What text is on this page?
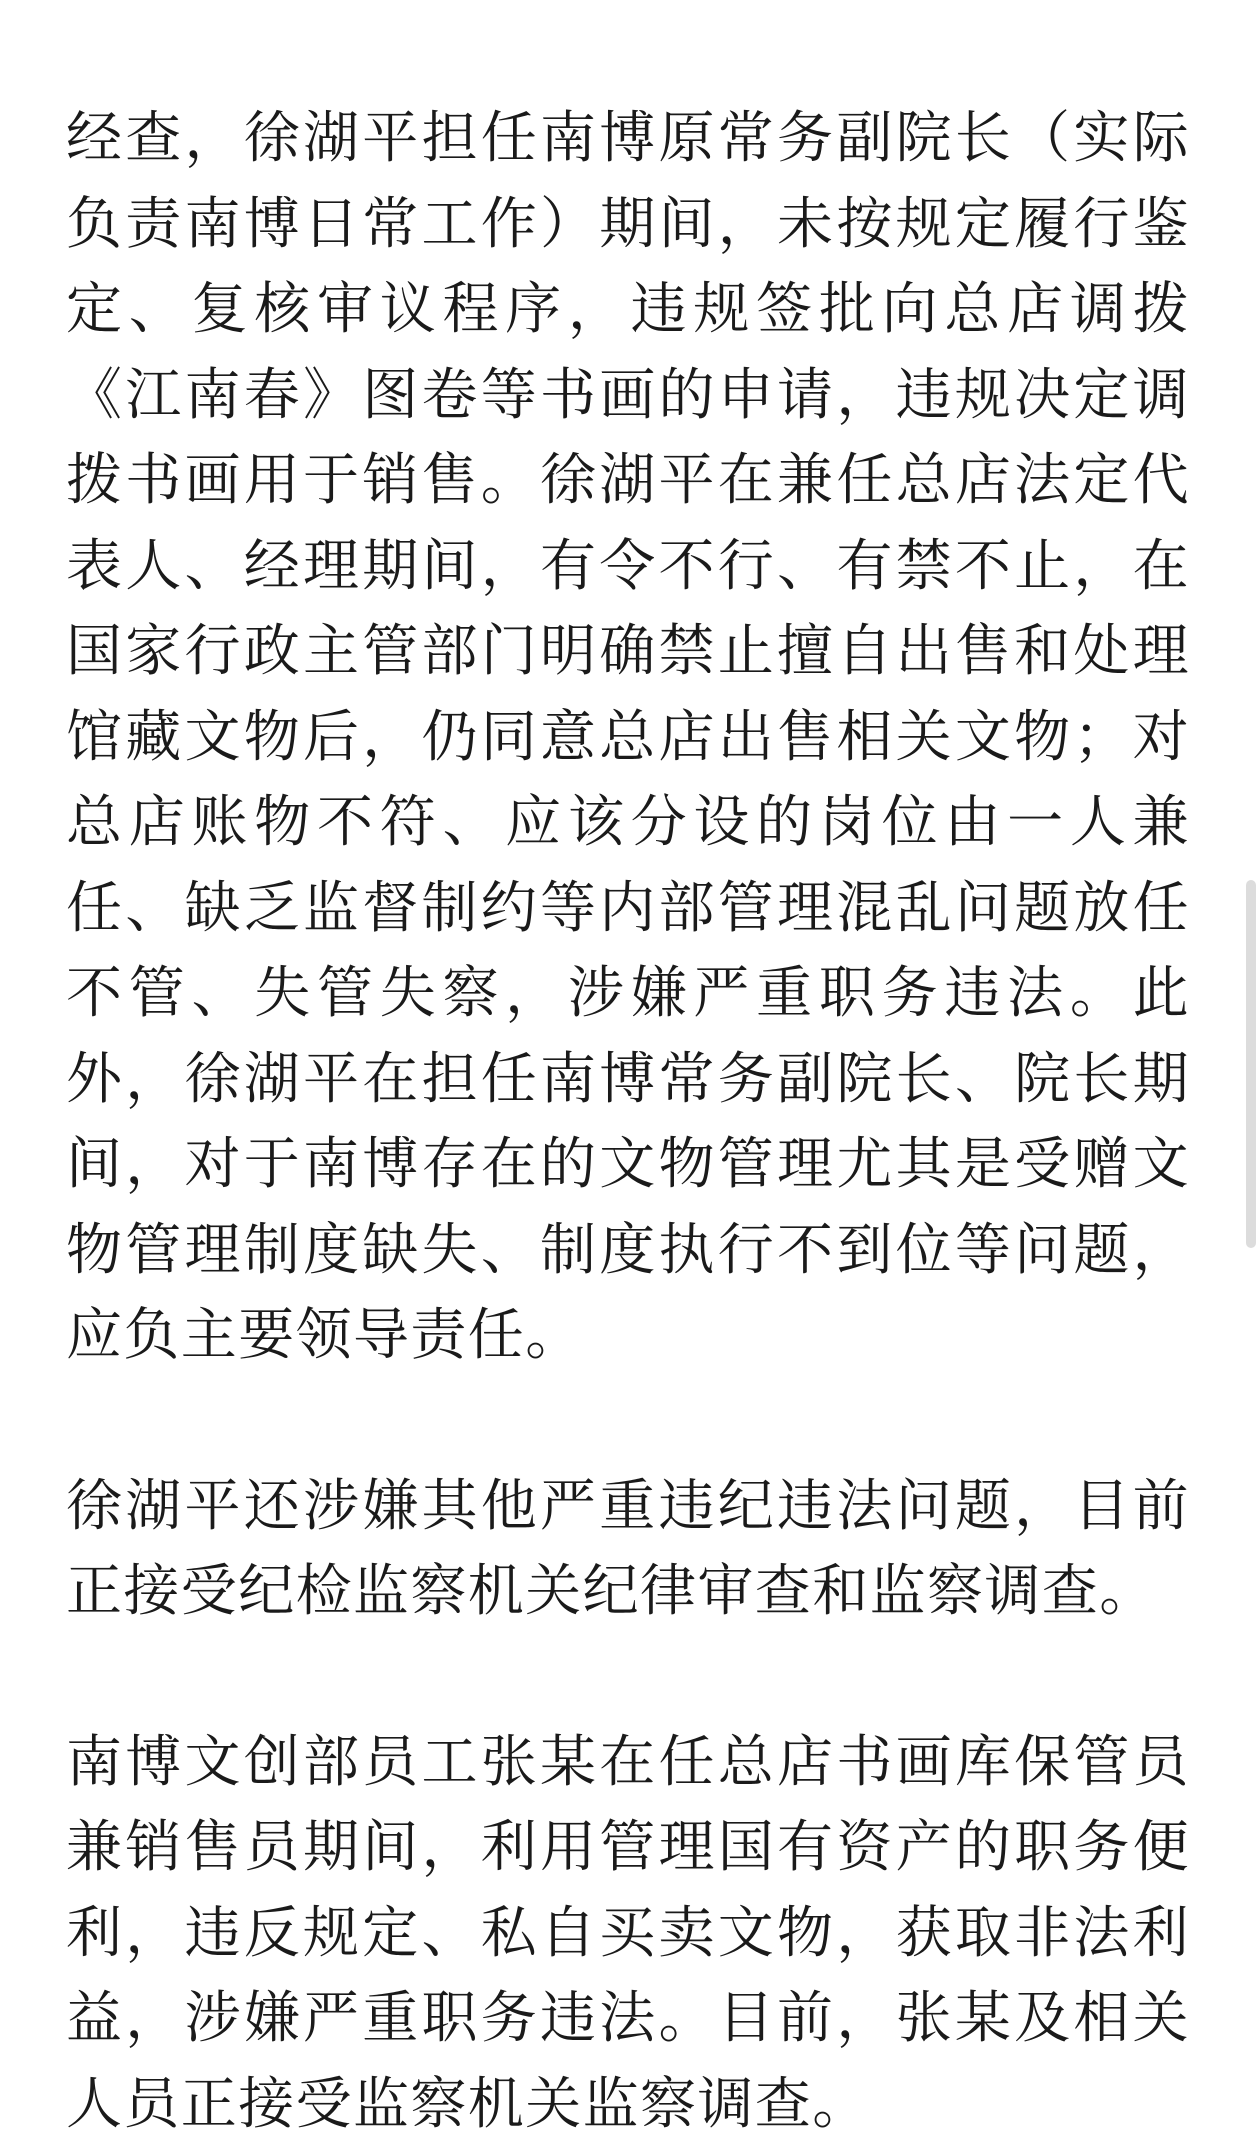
经查，徐湖平担任南博原常务副院长（实际负责南博日常工作）期间，未按规定履行鉴定、复核审议程序，违规签批向总店调拨《江南春》图卷等书画的申请，违规决定调拨书画用于销售。徐湖平在兼任总店法定代表人、经理期间，有令不行、有禁不止，在国家行政主管部门明确禁止擅自出售和处理馆藏文物后，仍同意总店出售相关文物；对总店账物不符、应该分设的岗位由一人兼任、缺乏监督制约等内部管理混乱问题放任不管、失管失察，涉嫌严重职务违法。此外，徐湖平在担任南博常务副院长、院长期间，对于南博存在的文物管理尤其是受赠文物管理制度缺失、制度执行不到位等问题，应负主要领导责任。

徐湖平还涉嫌其他严重违纪违法问题，目前正接受纪检监察机关纪律审查和监察调查。

南博文创部员工张某在任总店书画库保管员兼销售员期间，利用管理国有资产的职务便利，违反规定、私自买卖文物，获取非法利益，涉嫌严重职务违法。目前，张某及相关人员正接受监察机关监察调查。
